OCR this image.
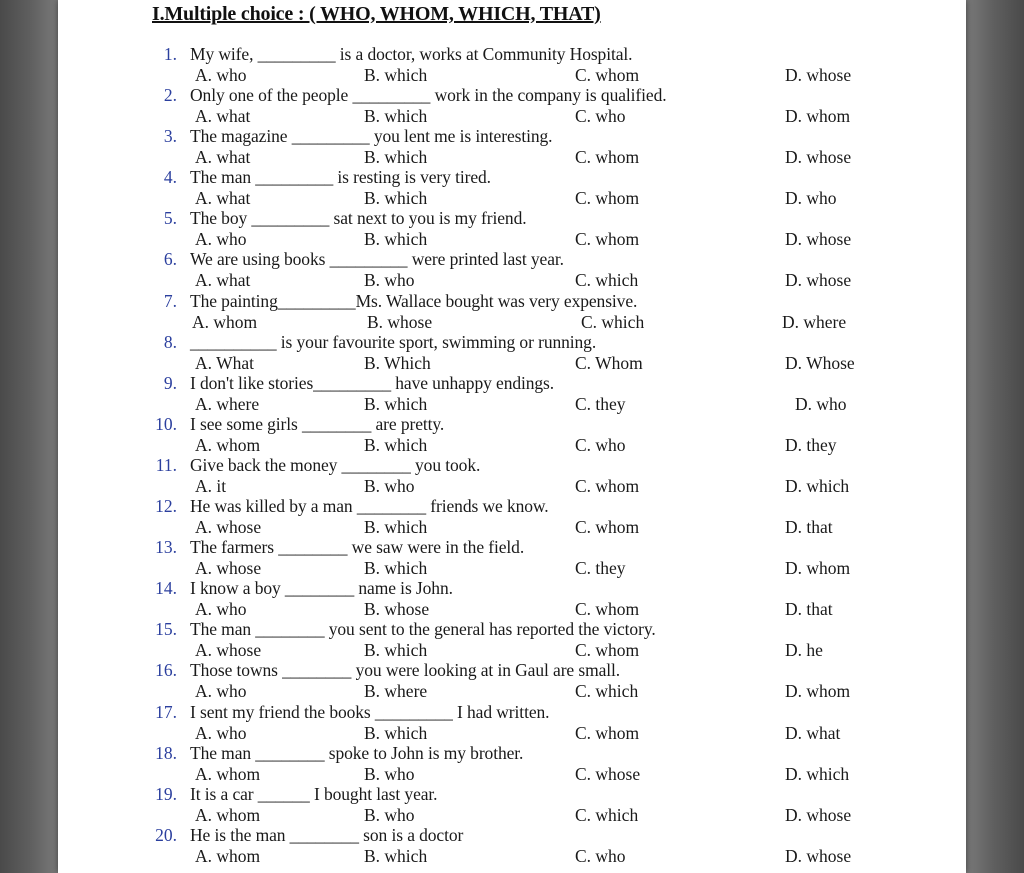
I.Multiple choice : ( WHO, WHOM, WHICH, THAT)
1. My wife, _________ is a doctor, works at Community Hospital.
A. who	B. which	C. whom	D. whose
2. Only one of the people _________ work in the company is qualified.
A. what	B. which	C. who	D. whom
3. The magazine _________ you lent me is interesting.
A. what	B. which	C. whom	D. whose
4. The man _________ is resting is very tired.
A. what	B. which	C. whom	D. who
5. The boy _________ sat next to you is my friend.
A. who	B. which	C. whom	D. whose
6. We are using books _________ were printed last year.
A. what	B. who	C. which	D. whose
7. The painting_________Ms. Wallace bought was very expensive.
A. whom	B. whose	C. which	D. where
8. __________ is your favourite sport, swimming or running.
A. What	B. Which	C. Whom	D. Whose
9. I don't like stories_________ have unhappy endings.
A. where	B. which	C. they	D. who
10. I see some girls ________ are pretty.
A. whom	B. which	C. who	D. they
11. Give back the money ________ you took.
A. it	B. who	C. whom	D. which
12. He was killed by a man ________ friends we know.
A. whose	B. which	C. whom	D. that
13. The farmers ________ we saw were in the field.
A. whose	B. which	C. they	D. whom
14. I know a boy ________ name is John.
A. who	B. whose	C. whom	D. that
15. The man ________ you sent to the general has reported the victory.
A. whose	B. which	C. whom	D. he
16. Those towns ________ you were looking at in Gaul are small.
A. who	B. where	C. which	D. whom
17. I sent my friend the books _________ I had written.
A. who	B. which	C. whom	D. what
18. The man ________ spoke to John is my brother.
A. whom	B. who	C. whose	D. which
19. It is a car ______ I bought last year.
A. whom	B. who	C. which	D. whose
20. He is the man ________ son is a doctor
A. whom	B. which	C. who	D. whose
